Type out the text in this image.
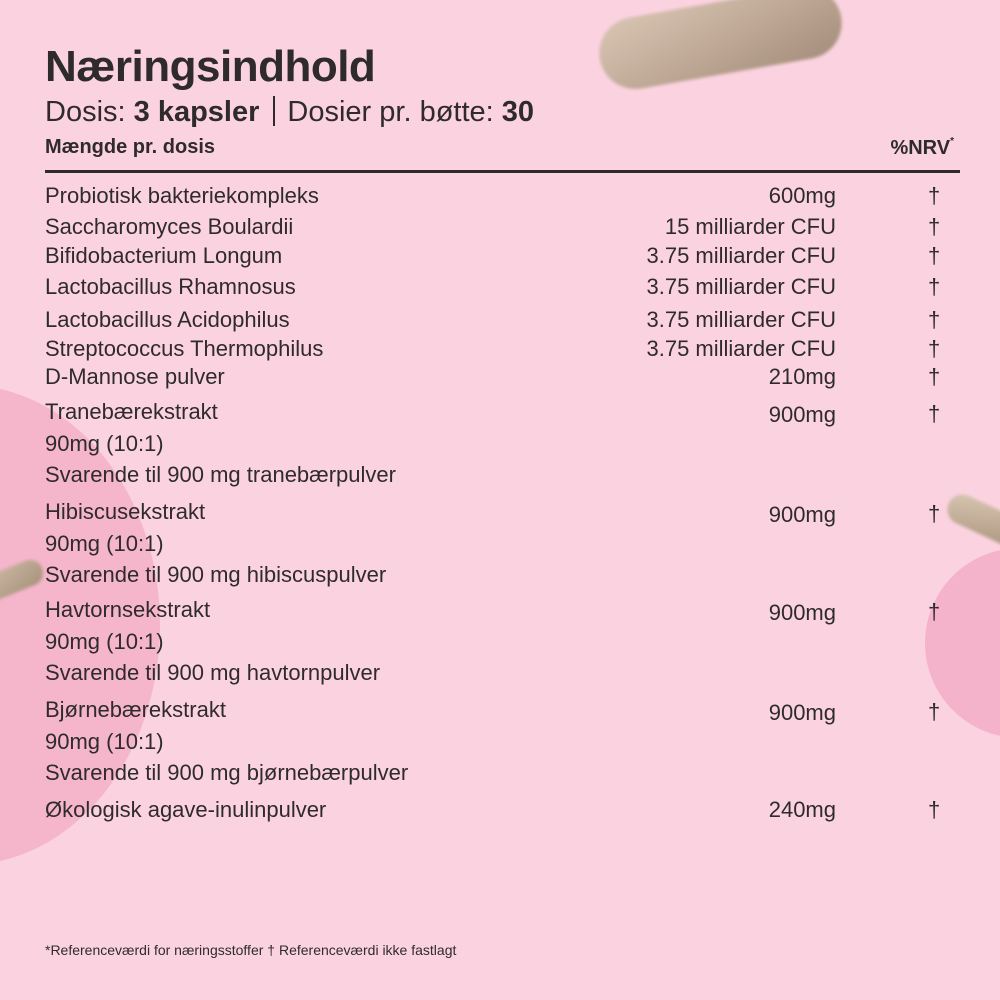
Næringsindhold
Dosis: 3 kapsler Dosier pr. bøtte: 30
Mængde pr. dosis	%NRV*
Probiotisk bakteriekompleks	600mg	†
Saccharomyces Boulardii	15 milliarder CFU	†
Bifidobacterium Longum	3.75 milliarder CFU	†
Lactobacillus Rhamnosus	3.75 milliarder CFU	†
Lactobacillus Acidophilus	3.75 milliarder CFU	†
Streptococcus Thermophilus	3.75 milliarder CFU	†
D-Mannose pulver	210mg	†
Tranebærekstrakt	900mg	†
90mg (10:1)
Svarende til 900 mg tranebærpulver
Hibiscusekstrakt	900mg	†
90mg (10:1)
Svarende til 900 mg hibiscuspulver
Havtornsekstrakt	900mg	†
90mg (10:1)
Svarende til 900 mg havtornpulver
Bjørnebærekstrakt	900mg	†
90mg (10:1)
Svarende til 900 mg bjørnebærpulver
Økologisk agave-inulinpulver	240mg	†
*Referenceværdi for næringsstoffer † Referenceværdi ikke fastlagt
